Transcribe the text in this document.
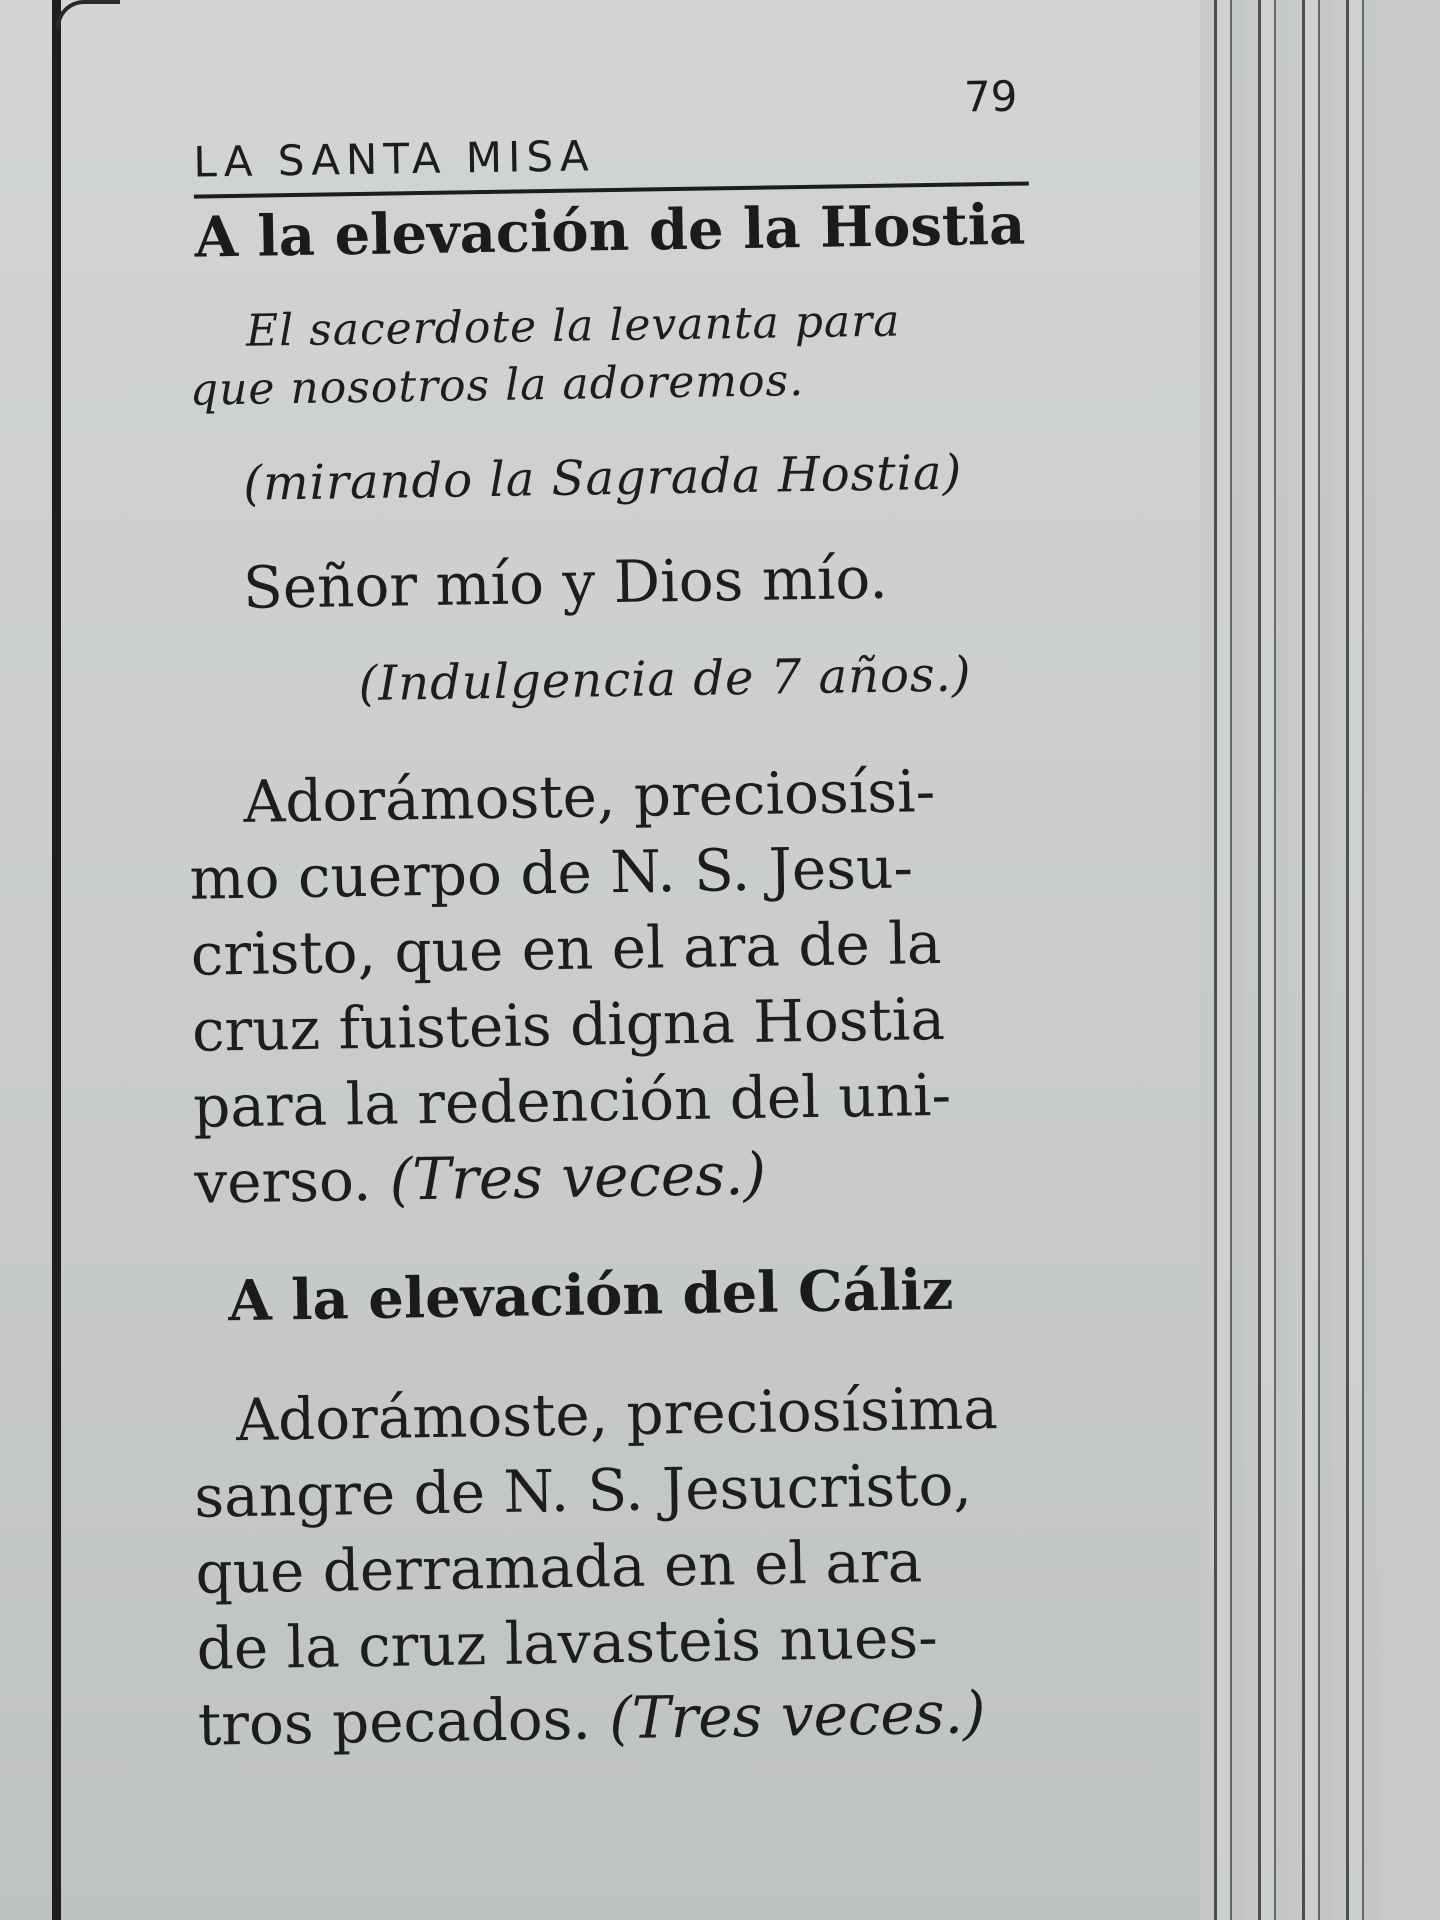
LA SANTA MISA
79
A la elevación de la Hostia
El sacerdote la levanta para
que nosotros la adoremos.
(mirando la Sagrada Hostia)
Señor mío y Dios mío.
(Indulgencia de 7 años.)
Adorámoste, preciosísi-
mo cuerpo de N. S. Jesu-
cristo, que en el ara de la
cruz fuisteis digna Hostia
para la redención del uni-
verso. (Tres veces.)
A la elevación del Cáliz
Adorámoste, preciosísima
sangre de N. S. Jesucristo,
que derramada en el ara
de la cruz lavasteis nues-
tros pecados. (Tres veces.)
